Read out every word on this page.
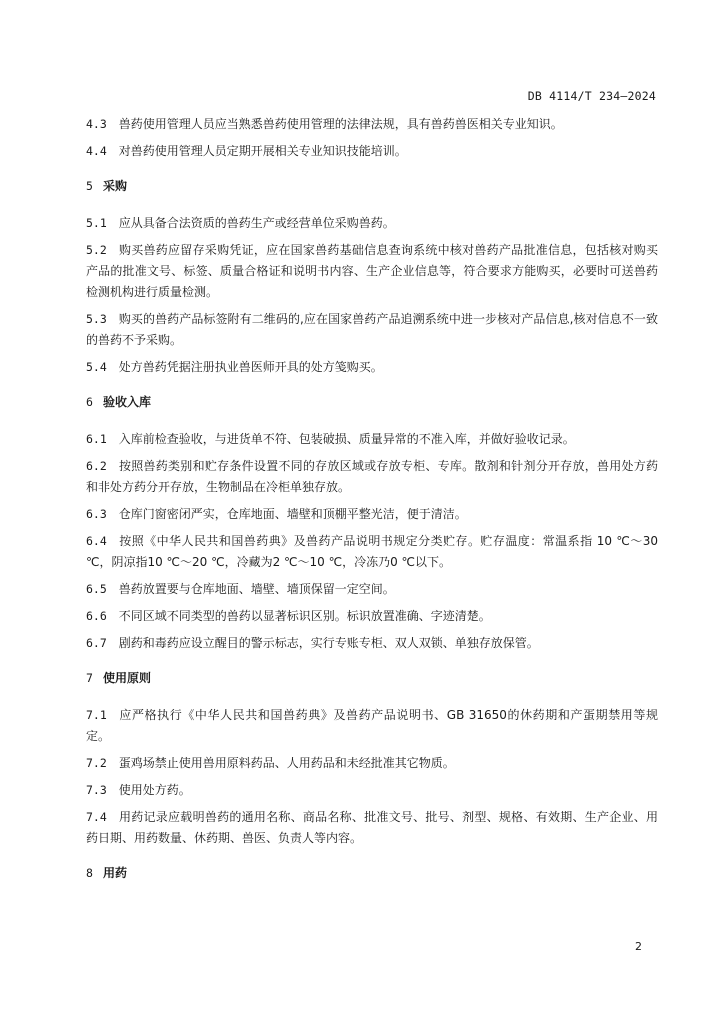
DB 4114/T 234—2024
4.3 兽药使用管理人员应当熟悉兽药使用管理的法律法规，具有兽药兽医相关专业知识。
4.4 对兽药使用管理人员定期开展相关专业知识技能培训。
5 采购
5.1 应从具备合法资质的兽药生产或经营单位采购兽药。
5.2 购买兽药应留存采购凭证，应在国家兽药基础信息查询系统中核对兽药产品批准信息，包括核对购买产品的批准文号、标签、质量合格证和说明书内容、生产企业信息等，符合要求方能购买，必要时可送兽药检测机构进行质量检测。
5.3 购买的兽药产品标签附有二维码的,应在国家兽药产品追溯系统中进一步核对产品信息,核对信息不一致的兽药不予采购。
5.4 处方兽药凭据注册执业兽医师开具的处方笺购买。
6 验收入库
6.1 入库前检查验收，与进货单不符、包装破损、质量异常的不准入库，并做好验收记录。
6.2 按照兽药类别和贮存条件设置不同的存放区域或存放专柜、专库。散剂和针剂分开存放，兽用处方药和非处方药分开存放，生物制品在冷柜单独存放。
6.3 仓库门窗密闭严实，仓库地面、墙壁和顶棚平整光洁，便于清洁。
6.4 按照《中华人民共和国兽药典》及兽药产品说明书规定分类贮存。贮存温度：常温系指 10 ℃～30 ℃，阴凉指10 ℃～20 ℃，冷藏为2 ℃～10 ℃，冷冻乃0 ℃以下。
6.5 兽药放置要与仓库地面、墙壁、墙顶保留一定空间。
6.6 不同区域不同类型的兽药以显著标识区别。标识放置准确、字迹清楚。
6.7 剧药和毒药应设立醒目的警示标志，实行专账专柜、双人双锁、单独存放保管。
7 使用原则
7.1 应严格执行《中华人民共和国兽药典》及兽药产品说明书、GB 31650的休药期和产蛋期禁用等规定。
7.2 蛋鸡场禁止使用兽用原料药品、人用药品和未经批准其它物质。
7.3 使用处方药。
7.4 用药记录应载明兽药的通用名称、商品名称、批准文号、批号、剂型、规格、有效期、生产企业、用药日期、用药数量、休药期、兽医、负责人等内容。
8 用药
2
